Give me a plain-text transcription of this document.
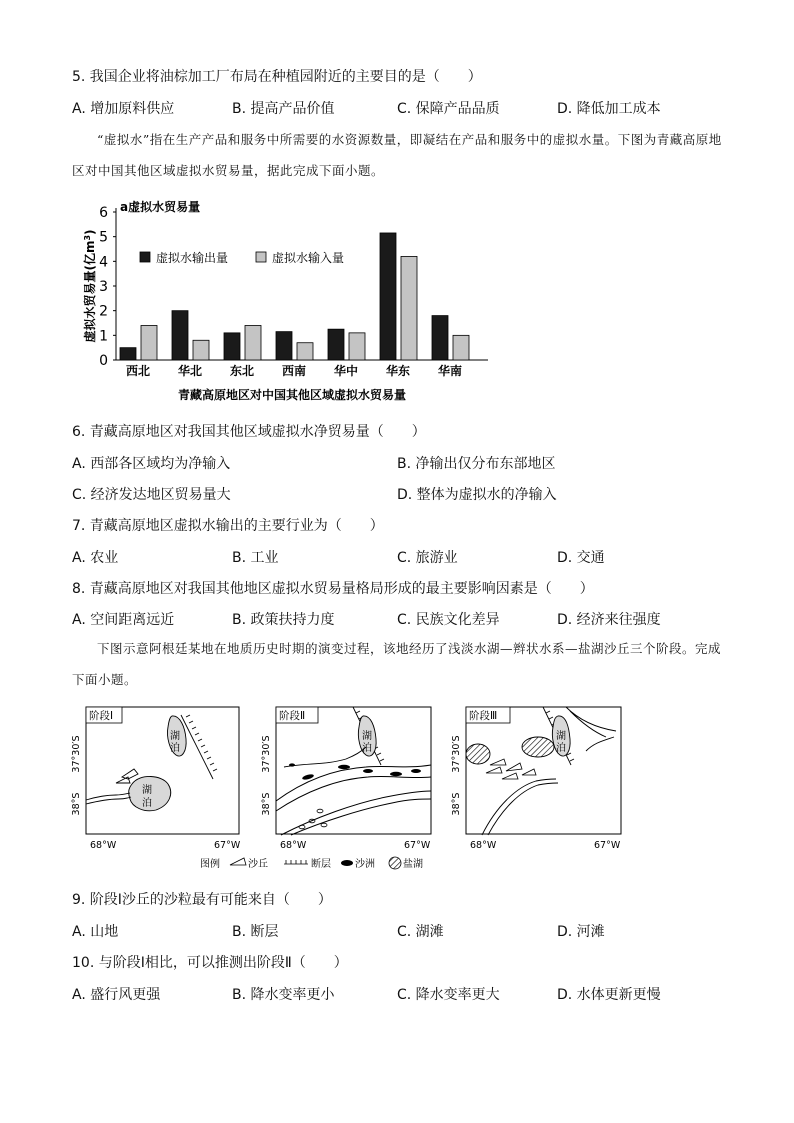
5. 我国企业将油棕加工厂布局在种植园附近的主要目的是（　　）
A. 增加原料供应	B. 提高产品价值	C. 保障产品品质	D. 降低加工成本
“虚拟水”指在生产产品和服务中所需要的水资源数量，即凝结在产品和服务中的虚拟水量。下图为青藏高原地区对中国其他区域虚拟水贸易量，据此完成下面小题。
0
1
2
3
4
5
6 a虚拟水贸易量
虚拟水贸易量(亿$m^3$)
虚拟水输出量	虚拟水输入量
西北 华北 东北 西南 华中 华东 华南
青藏高原地区对中国其他区域虚拟水贸易量
6. 青藏高原地区对我国其他区域虚拟水净贸易量（　　）
A. 西部各区域均为净输入	B. 净输出仅分布东部地区
C. 经济发达地区贸易量大	D. 整体为虚拟水的净输入
7. 青藏高原地区虚拟水输出的主要行业为（　　）
A. 农业	B. 工业	C. 旅游业	D. 交通
8. 青藏高原地区对我国其他地区虚拟水贸易量格局形成的最主要影响因素是（　　）
A. 空间距离远近	B. 政策扶持力度	C. 民族文化差异	D. 经济来往强度
下图示意阿根廷某地在地质历史时期的演变过程，该地经历了浅淡水湖—辫状水系—盐湖沙丘三个阶段。完成下面小题。
阶段Ⅰ
湖
泊
湖
泊
阶段Ⅱ
湖
泊
阶段Ⅲ
湖
泊
37°30′S
38°S
37°30′S
38°S
37°30′S
38°S
68°W	67°W	68°W	67°W	68°W	67°W
图例	沙丘	断层 沙洲	盐湖
9. 阶段Ⅰ沙丘的沙粒最有可能来自（　　）
A. 山地	B. 断层	C. 湖滩	D. 河滩
10. 与阶段Ⅰ相比，可以推测出阶段Ⅱ（　　）
A. 盛行风更强	B. 降水变率更小	C. 降水变率更大	D. 水体更新更慢
